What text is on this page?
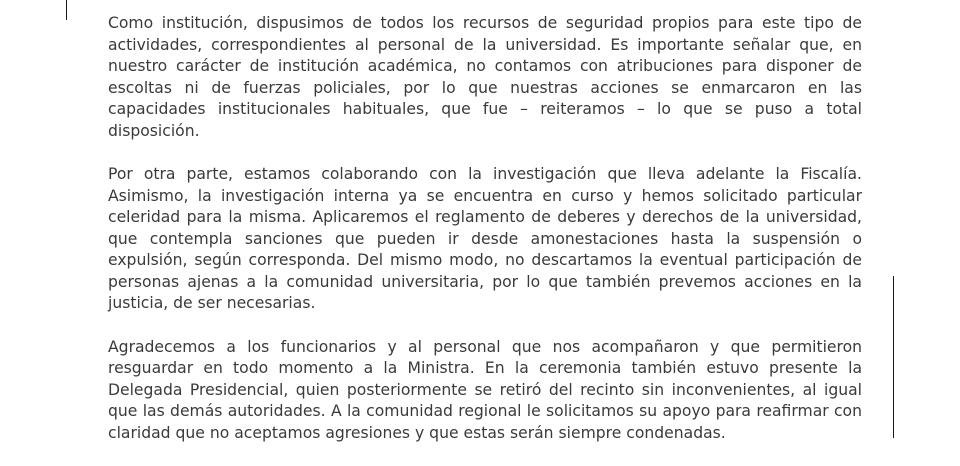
Como institución, dispusimos de todos los recursos de seguridad propios para este tipo de actividades, correspondientes al personal de la universidad. Es importante señalar que, en nuestro carácter de institución académica, no contamos con atribuciones para disponer de escoltas ni de fuerzas policiales, por lo que nuestras acciones se enmarcaron en las capacidades institucionales habituales, que fue – reiteramos – lo que se puso a total disposición.

Por otra parte, estamos colaborando con la investigación que lleva adelante la Fiscalía. Asimismo, la investigación interna ya se encuentra en curso y hemos solicitado particular celeridad para la misma. Aplicaremos el reglamento de deberes y derechos de la universidad, que contempla sanciones que pueden ir desde amonestaciones hasta la suspensión o expulsión, según corresponda. Del mismo modo, no descartamos la eventual participación de personas ajenas a la comunidad universitaria, por lo que también prevemos acciones en la justicia, de ser necesarias.

Agradecemos a los funcionarios y al personal que nos acompañaron y que permitieron resguardar en todo momento a la Ministra. En la ceremonia también estuvo presente la Delegada Presidencial, quien posteriormente se retiró del recinto sin inconvenientes, al igual que las demás autoridades. A la comunidad regional le solicitamos su apoyo para reafirmar con claridad que no aceptamos agresiones y que estas serán siempre condenadas.
